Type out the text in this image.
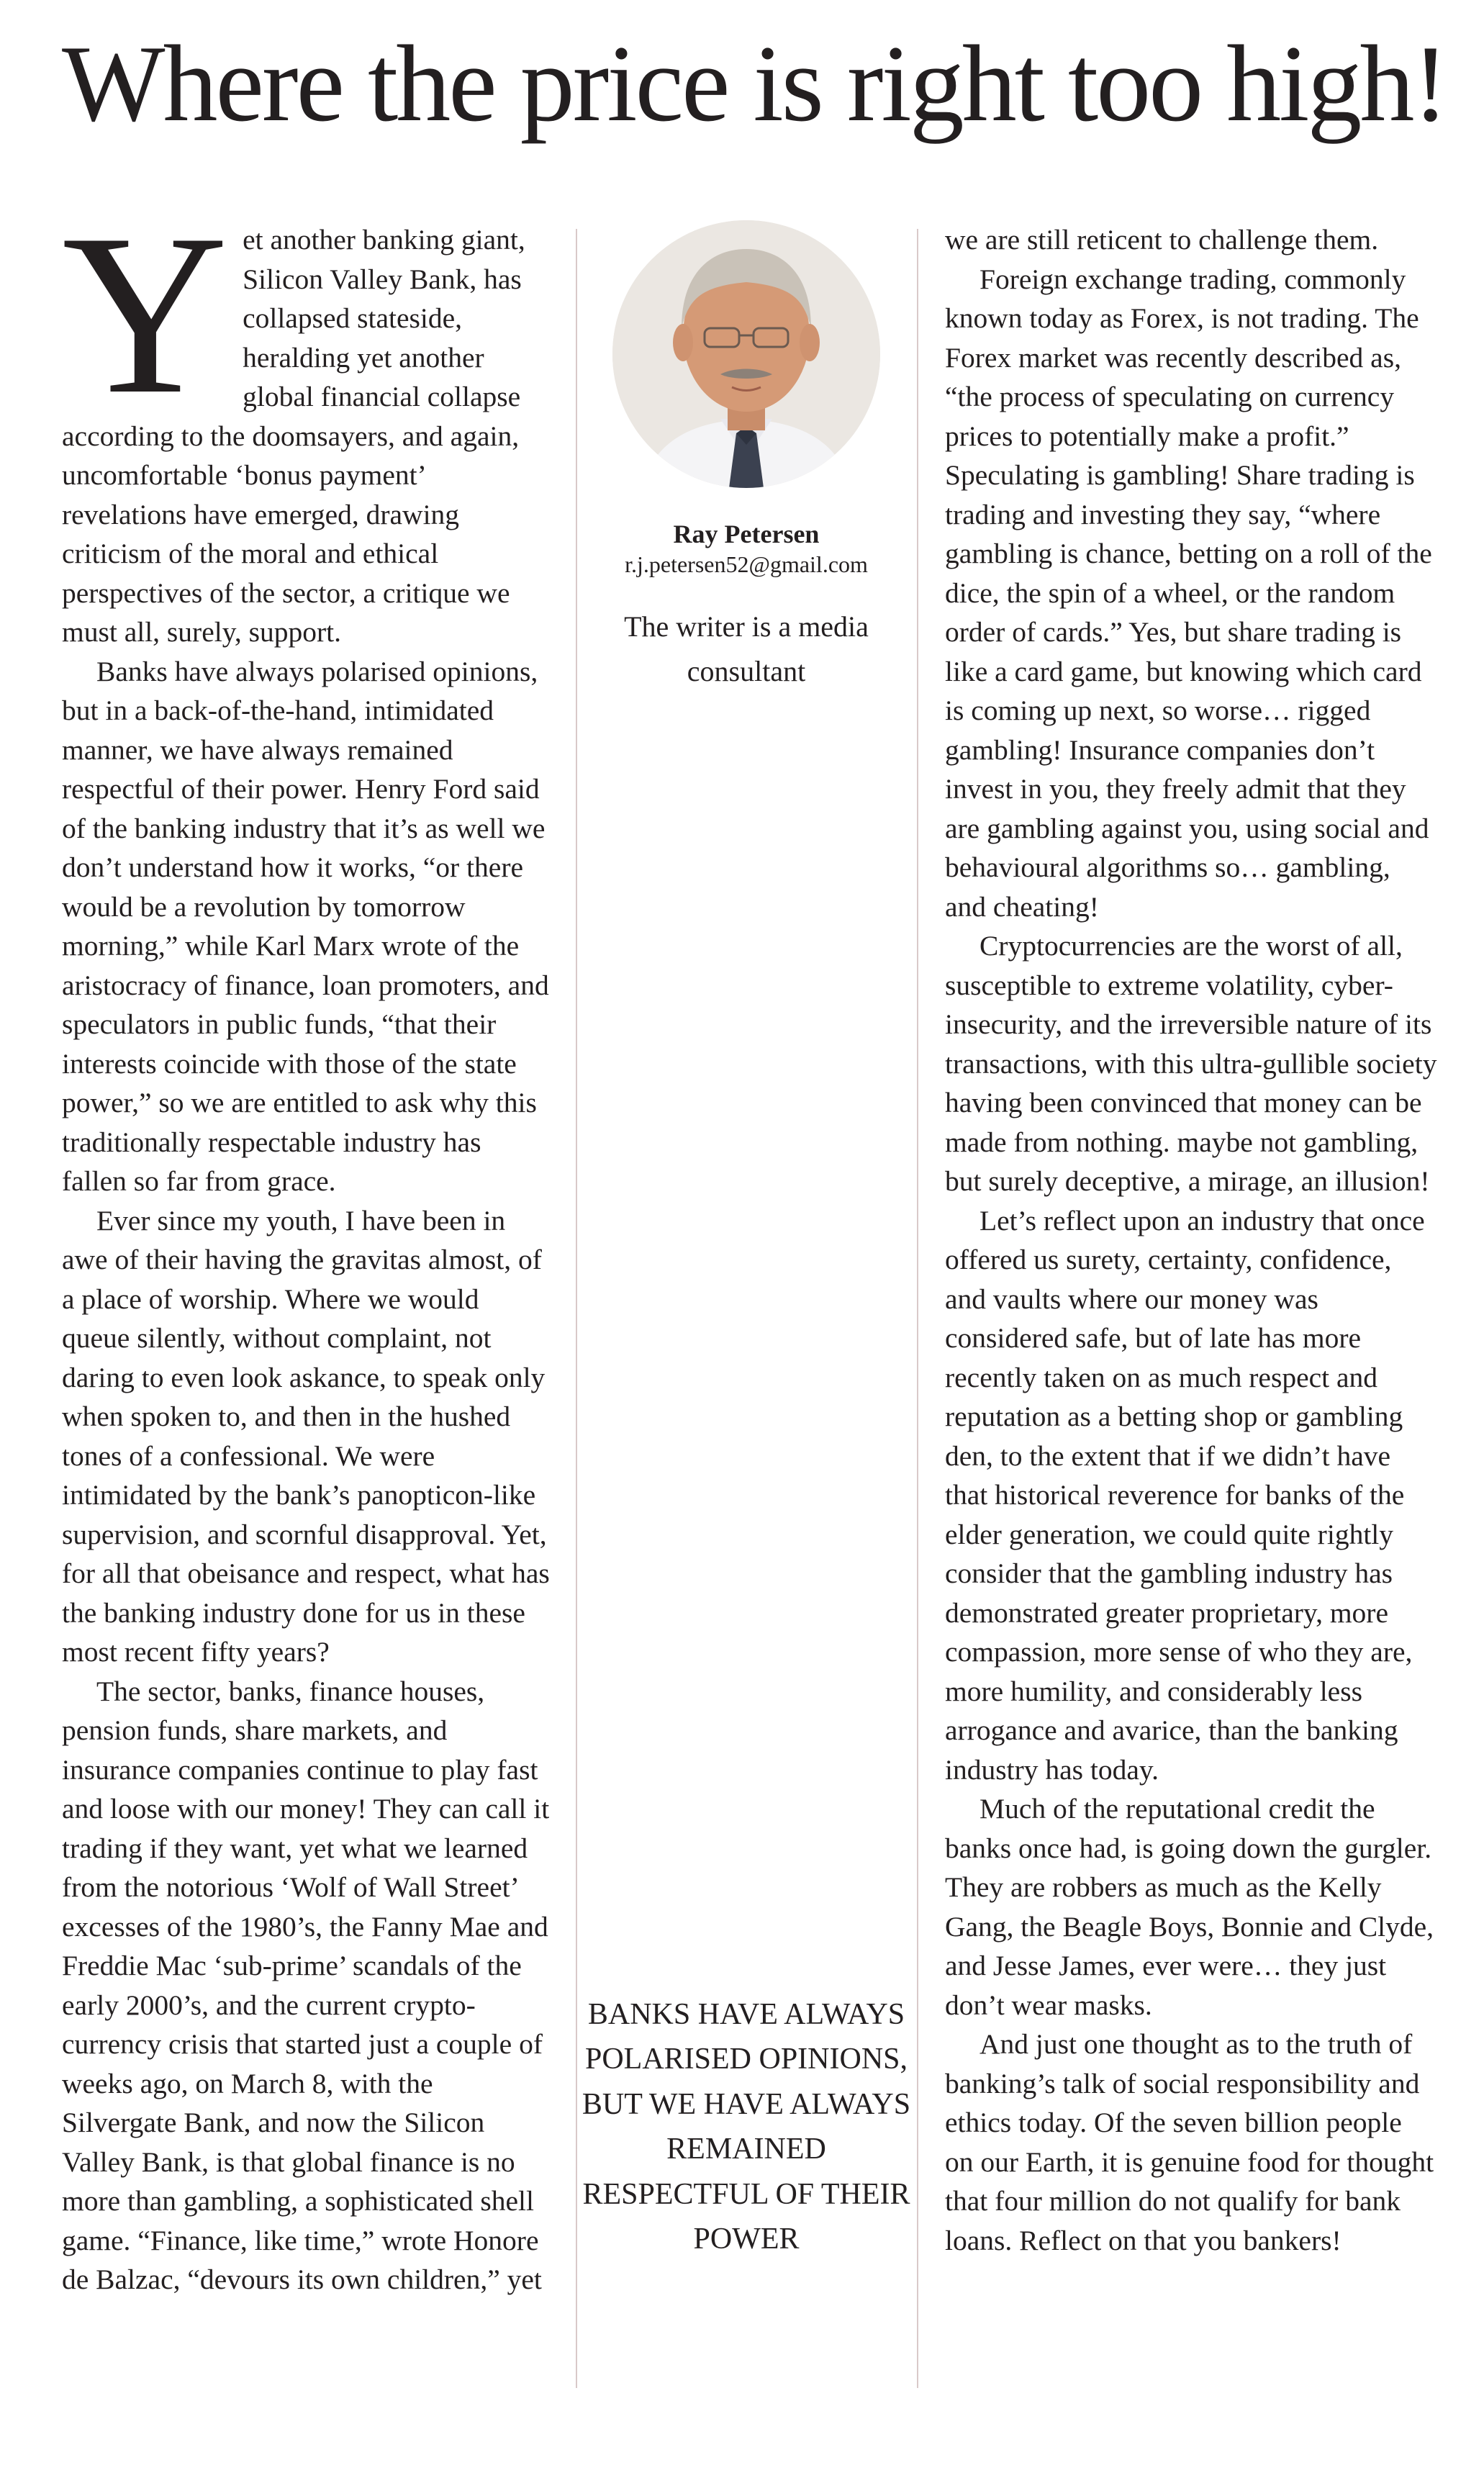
Where the price is right too high!

Yet another banking giant, Silicon Valley Bank, has collapsed stateside, heralding yet another global financial collapse according to the doomsayers, and again, uncomfortable ‘bonus payment’ revelations have emerged, drawing criticism of the moral and ethical perspectives of the sector, a critique we must all, surely, support.

Banks have always polarised opinions, but in a back-of-the-hand, intimidated manner, we have always remained respectful of their power. Henry Ford said of the banking industry that it’s as well we don’t understand how it works, “or there would be a revolution by tomorrow morning,” while Karl Marx wrote of the aristocracy of finance, loan promoters, and speculators in public funds, “that their interests coincide with those of the state power,” so we are entitled to ask why this traditionally respectable industry has fallen so far from grace.

Ever since my youth, I have been in awe of their having the gravitas almost, of a place of worship. Where we would queue silently, without complaint, not daring to even look askance, to speak only when spoken to, and then in the hushed tones of a confessional. We were intimidated by the bank’s panopticon-like supervision, and scornful disapproval. Yet, for all that obeisance and respect, what has the banking industry done for us in these most recent fifty years?

The sector, banks, finance houses, pension funds, share markets, and insurance companies continue to play fast and loose with our money! They can call it trading if they want, yet what we learned from the notorious ‘Wolf of Wall Street’ excesses of the 1980’s, the Fanny Mae and Freddie Mac ‘sub-prime’ scandals of the early 2000’s, and the current crypto-currency crisis that started just a couple of weeks ago, on March 8, with the Silvergate Bank, and now the Silicon Valley Bank, is that global finance is no more than gambling, a sophisticated shell game. “Finance, like time,” wrote Honore de Balzac, “devours its own children,” yet

Ray Petersen
r.j.petersen52@gmail.com
The writer is a media consultant
BANKS HAVE ALWAYS POLARISED OPINIONS, BUT WE HAVE ALWAYS REMAINED RESPECTFUL OF THEIR POWER

we are still reticent to challenge them.

Foreign exchange trading, commonly known today as Forex, is not trading. The Forex market was recently described as, “the process of speculating on currency prices to potentially make a profit.” Speculating is gambling! Share trading is trading and investing they say, “where gambling is chance, betting on a roll of the dice, the spin of a wheel, or the random order of cards.” Yes, but share trading is like a card game, but knowing which card is coming up next, so worse… rigged gambling! Insurance companies don’t invest in you, they freely admit that they are gambling against you, using social and behavioural algorithms so… gambling, and cheating!

Cryptocurrencies are the worst of all, susceptible to extreme volatility, cyber-insecurity, and the irreversible nature of its transactions, with this ultra-gullible society having been convinced that money can be made from nothing. maybe not gambling, but surely deceptive, a mirage, an illusion!

Let’s reflect upon an industry that once offered us surety, certainty, confidence, and vaults where our money was considered safe, but of late has more recently taken on as much respect and reputation as a betting shop or gambling den, to the extent that if we didn’t have that historical reverence for banks of the elder generation, we could quite rightly consider that the gambling industry has demonstrated greater proprietary, more compassion, more sense of who they are, more humility, and considerably less arrogance and avarice, than the banking industry has today.

Much of the reputational credit the banks once had, is going down the gurgler. They are robbers as much as the Kelly Gang, the Beagle Boys, Bonnie and Clyde, and Jesse James, ever were… they just don’t wear masks.

And just one thought as to the truth of banking’s talk of social responsibility and ethics today. Of the seven billion people on our Earth, it is genuine food for thought that four million do not qualify for bank loans. Reflect on that you bankers!
